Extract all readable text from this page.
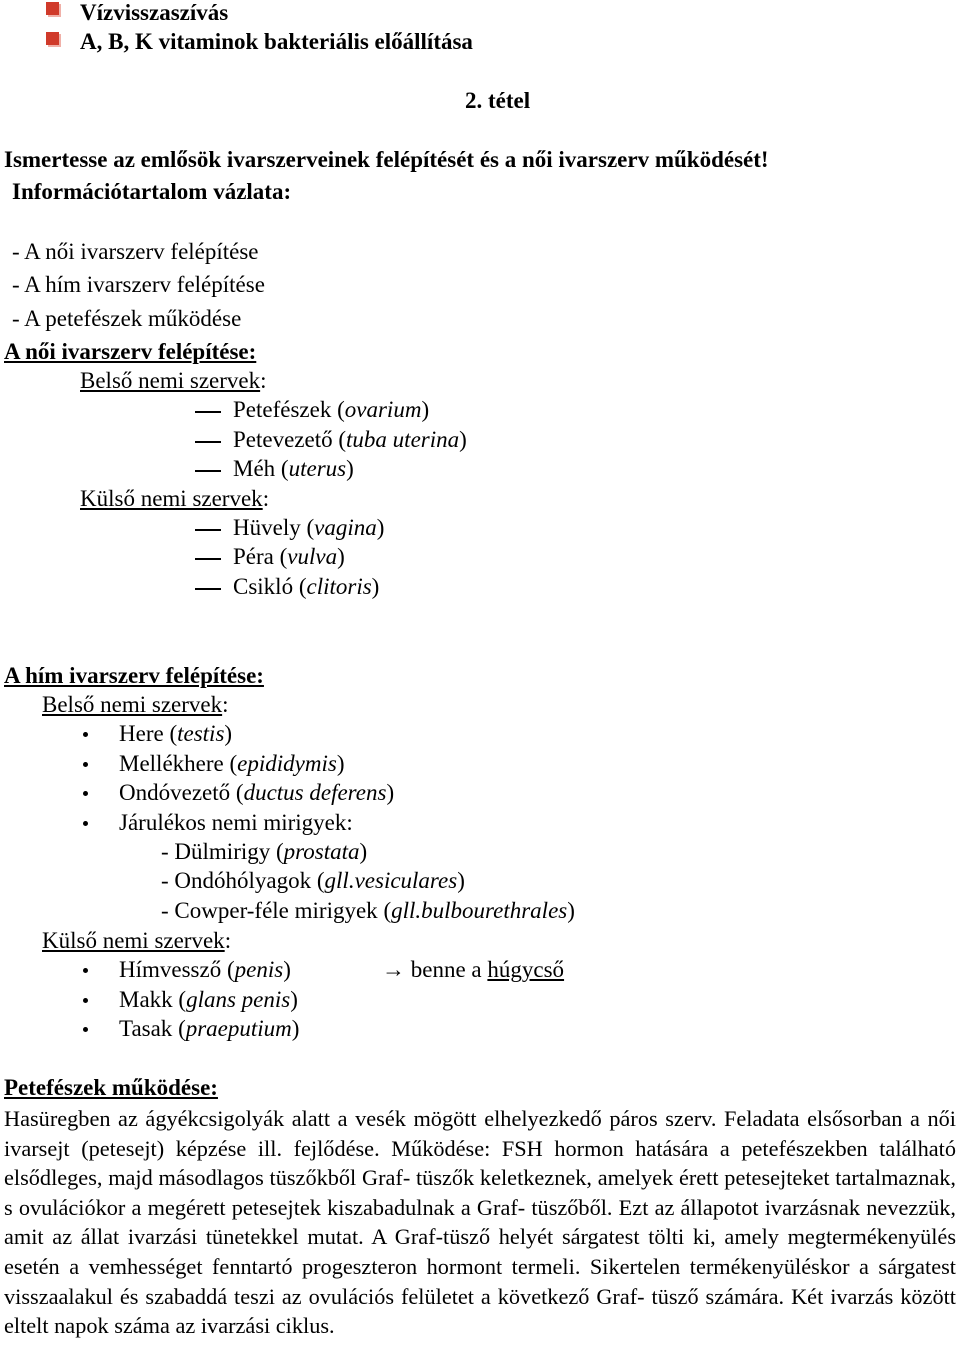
Vízvisszaszívás
A, B, K vitaminok bakteriális előállítása
2. tétel
Ismertesse az emlősök ivarszerveinek felépítését és a női ivarszerv működését!
Információtartalom vázlata:
- A női ivarszerv felépítése
- A hím ivarszerv felépítése
- A petefészek működése
A női ivarszerv felépítése:
Belső nemi szervek:
Petefészek (ovarium)
Petevezető (tuba uterina)
Méh (uterus)
Külső nemi szervek:
Hüvely (vagina)
Péra (vulva)
Csikló (clitoris)
A hím ivarszerv felépítése:
Belső nemi szervek:
Here (testis)
Mellékhere (epididymis)
Ondóvezető (ductus deferens)
Járulékos nemi mirigyek:
- Dülmirigy (prostata)
- Ondóhólyagok (gll.vesiculares)
- Cowper-féle mirigyek (gll.bulbourethrales)
Külső nemi szervek:
Hímvessző (penis)	→ benne a húgycső
Makk (glans penis)
Tasak (praeputium)
Petefészek működése:
Hasüregben az ágyékcsigolyák alatt a vesék mögött elhelyezkedő páros szerv. Feladata elsősorban a női ivarsejt (petesejt) képzése ill. fejlődése. Működése: FSH hormon hatására a petefészekben található elsődleges, majd másodlagos tüszőkből Graf- tüszők keletkeznek, amelyek érett petesejteket tartalmaznak, s ovulációkor a megérett petesejtek kiszabadulnak a Graf- tüszőből. Ezt az állapotot ivarzásnak nevezzük, amit az állat ivarzási tünetekkel mutat. A Graf-tüsző helyét sárgatest tölti ki, amely megtermékenyülés esetén a vemhességet fenntartó progeszteron hormont termeli. Sikertelen termékenyüléskor a sárgatest visszaalakul és szabaddá teszi az ovulációs felületet a következő Graf- tüsző számára. Két ivarzás között eltelt napok száma az ivarzási ciklus.
